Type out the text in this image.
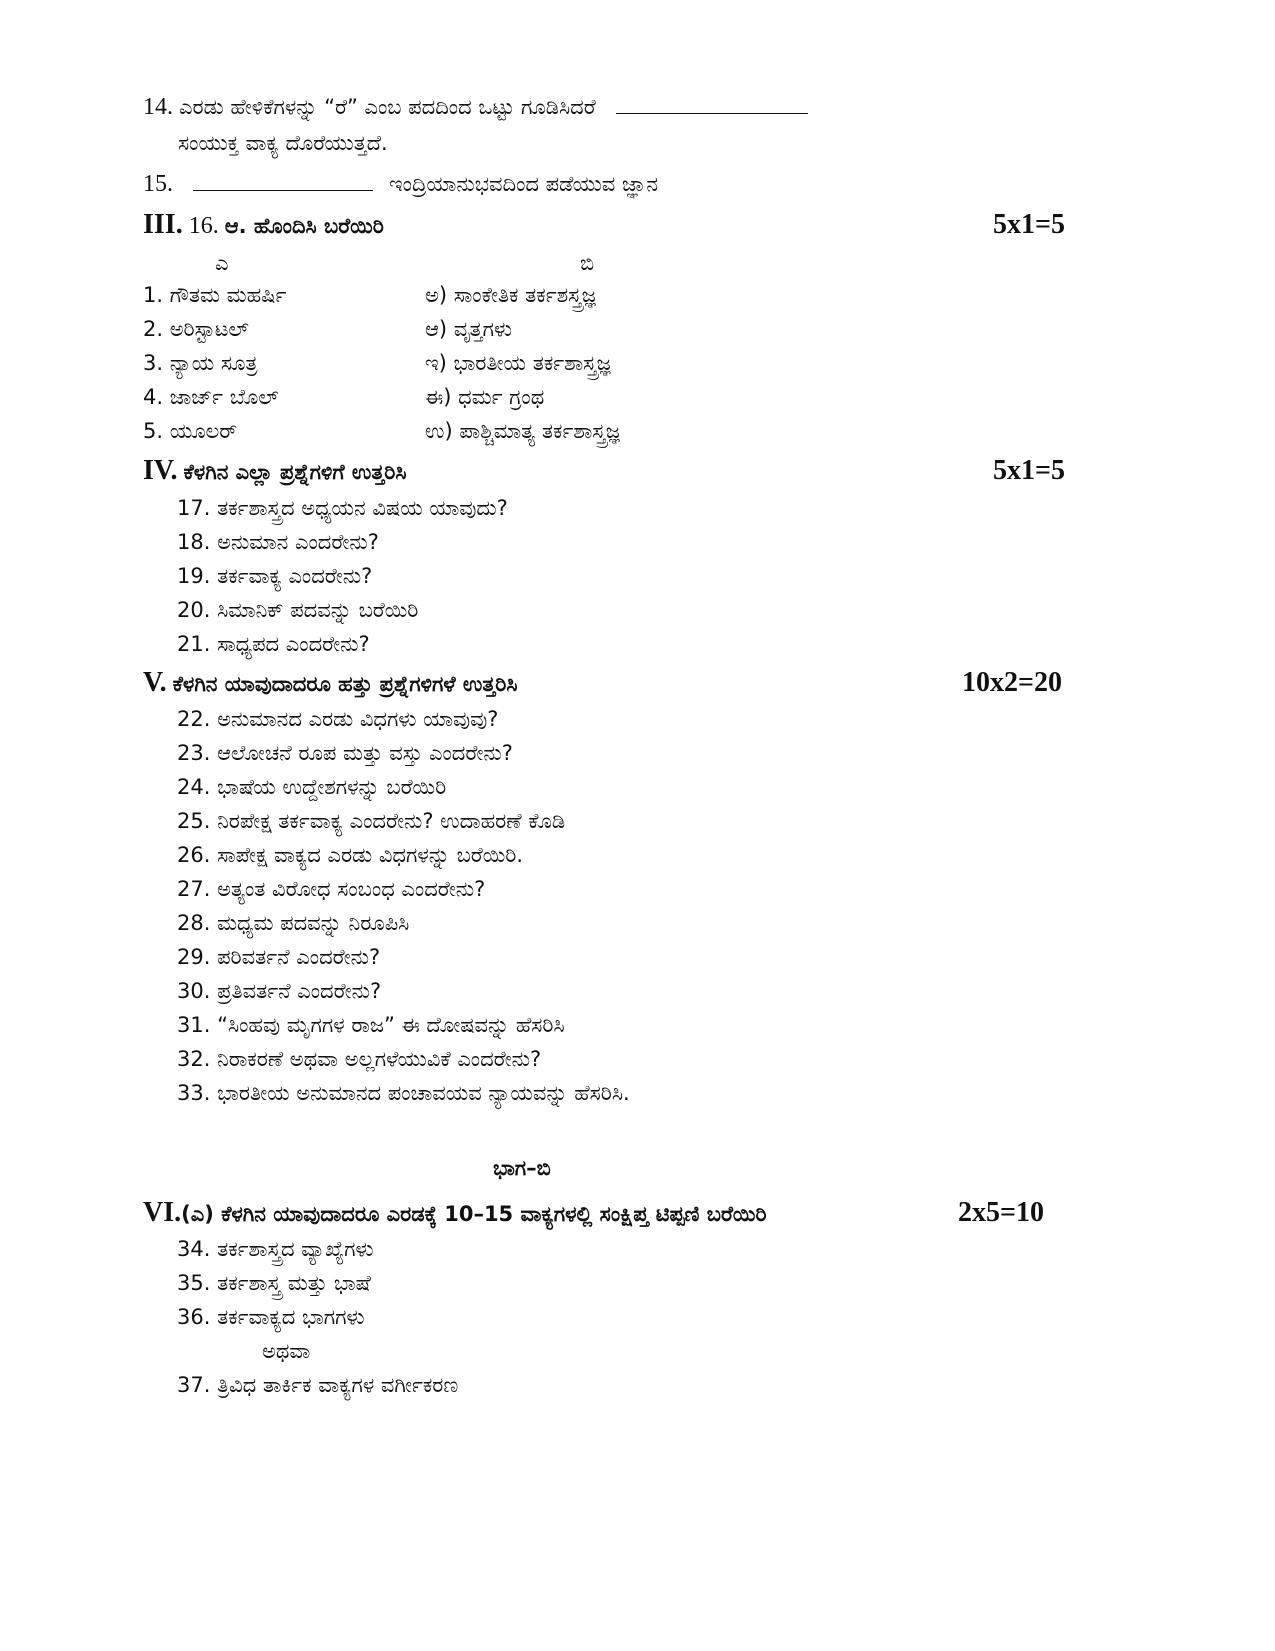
14. ಎರಡು ಹೇಳಿಕೆಗಳನ್ನು “ರೆ” ಎಂಬ ಪದದಿಂದ ಒಟ್ಟು ಗೂಡಿಸಿದರೆ
ಸಂಯುಕ್ತ ವಾಕ್ಯ ದೊರೆಯುತ್ತದೆ.
15.	ಇಂದ್ರಿಯಾನುಭವದಿಂದ ಪಡೆಯುವ ಜ್ಞಾನ
III. 16. ಆ. ಹೊಂದಿಸಿ ಬರೆಯಿರಿ	5x1=5
ಎ	ಬಿ
1. ಗೌತಮ ಮಹರ್ಷಿ	ಅ) ಸಾಂಕೇತಿಕ ತರ್ಕಶಸ್ತ್ರಜ್ಞ
2. ಅರಿಸ್ಟಾಟಲ್	ಆ) ವೃತ್ತಗಳು
3. ನ್ಯಾಯ ಸೂತ್ರ	ಇ) ಭಾರತೀಯ ತರ್ಕಶಾಸ್ತ್ರಜ್ಞ
4. ಜಾರ್ಜ್ ಬೊಲ್	ಈ) ಧರ್ಮ ಗ್ರಂಥ
5. ಯೂಲರ್	ಉ) ಪಾಶ್ಚಿಮಾತ್ಯ ತರ್ಕಶಾಸ್ತ್ರಜ್ಞ
IV. ಕೆಳಗಿನ ಎಲ್ಲಾ ಪ್ರಶ್ನೆಗಳಿಗೆ ಉತ್ತರಿಸಿ	5x1=5
17. ತರ್ಕಶಾಸ್ತ್ರದ ಅಧ್ಯಯನ ವಿಷಯ ಯಾವುದು?
18. ಅನುಮಾನ ಎಂದರೇನು?
19. ತರ್ಕವಾಕ್ಯ ಎಂದರೇನು?
20. ಸಿಮಾನಿಕ್ ಪದವನ್ನು ಬರೆಯಿರಿ
21. ಸಾಧ್ಯಪದ ಎಂದರೇನು?
V. ಕೆಳಗಿನ ಯಾವುದಾದರೂ ಹತ್ತು ಪ್ರಶ್ನೆಗಳಿಗಳೆ ಉತ್ತರಿಸಿ	10x2=20
22. ಅನುಮಾನದ ಎರಡು ವಿಧಗಳು ಯಾವುವು?
23. ಆಲೋಚನೆ ರೂಪ ಮತ್ತು ವಸ್ತು ಎಂದರೇನು?
24. ಭಾಷೆಯ ಉದ್ದೇಶಗಳನ್ನು ಬರೆಯಿರಿ
25. ನಿರಪೇಕ್ಷ ತರ್ಕವಾಕ್ಯ ಎಂದರೇನು? ಉದಾಹರಣೆ ಕೊಡಿ
26. ಸಾಪೇಕ್ಷ ವಾಕ್ಯದ ಎರಡು ವಿಧಗಳನ್ನು ಬರೆಯಿರಿ.
27. ಅತ್ಯಂತ ವಿರೋಧ ಸಂಬಂಧ ಎಂದರೇನು?
28. ಮಧ್ಯಮ ಪದವನ್ನು ನಿರೂಪಿಸಿ
29. ಪರಿವರ್ತನೆ ಎಂದರೇನು?
30. ಪ್ರತಿವರ್ತನೆ ಎಂದರೇನು?
31. “ಸಿಂಹವು ಮೃಗಗಳ ರಾಜ” ಈ ದೋಷವನ್ನು ಹೆಸರಿಸಿ
32. ನಿರಾಕರಣೆ ಅಥವಾ ಅಲ್ಲಗಳೆಯುವಿಕೆ ಎಂದರೇನು?
33. ಭಾರತೀಯ ಅನುಮಾನದ ಪಂಚಾವಯವ ನ್ಯಾಯವನ್ನು ಹೆಸರಿಸಿ.
ಭಾಗ–ಬಿ
VI.(ಎ) ಕೆಳಗಿನ ಯಾವುದಾದರೂ ಎರಡಕ್ಕೆ 10–15 ವಾಕ್ಯಗಳಲ್ಲಿ ಸಂಕ್ಷಿಪ್ತ ಟಿಪ್ಪಣಿ ಬರೆಯಿರಿ	2x5=10
34. ತರ್ಕಶಾಸ್ತ್ರದ ವ್ಯಾಖ್ಯೆಗಳು
35. ತರ್ಕಶಾಸ್ತ್ರ ಮತ್ತು ಭಾಷೆ
36. ತರ್ಕವಾಕ್ಯದ ಭಾಗಗಳು
ಅಥವಾ
37. ತ್ರಿವಿಧ ತಾರ್ಕಿಕ ವಾಕ್ಯಗಳ ವರ್ಗೀಕರಣ
